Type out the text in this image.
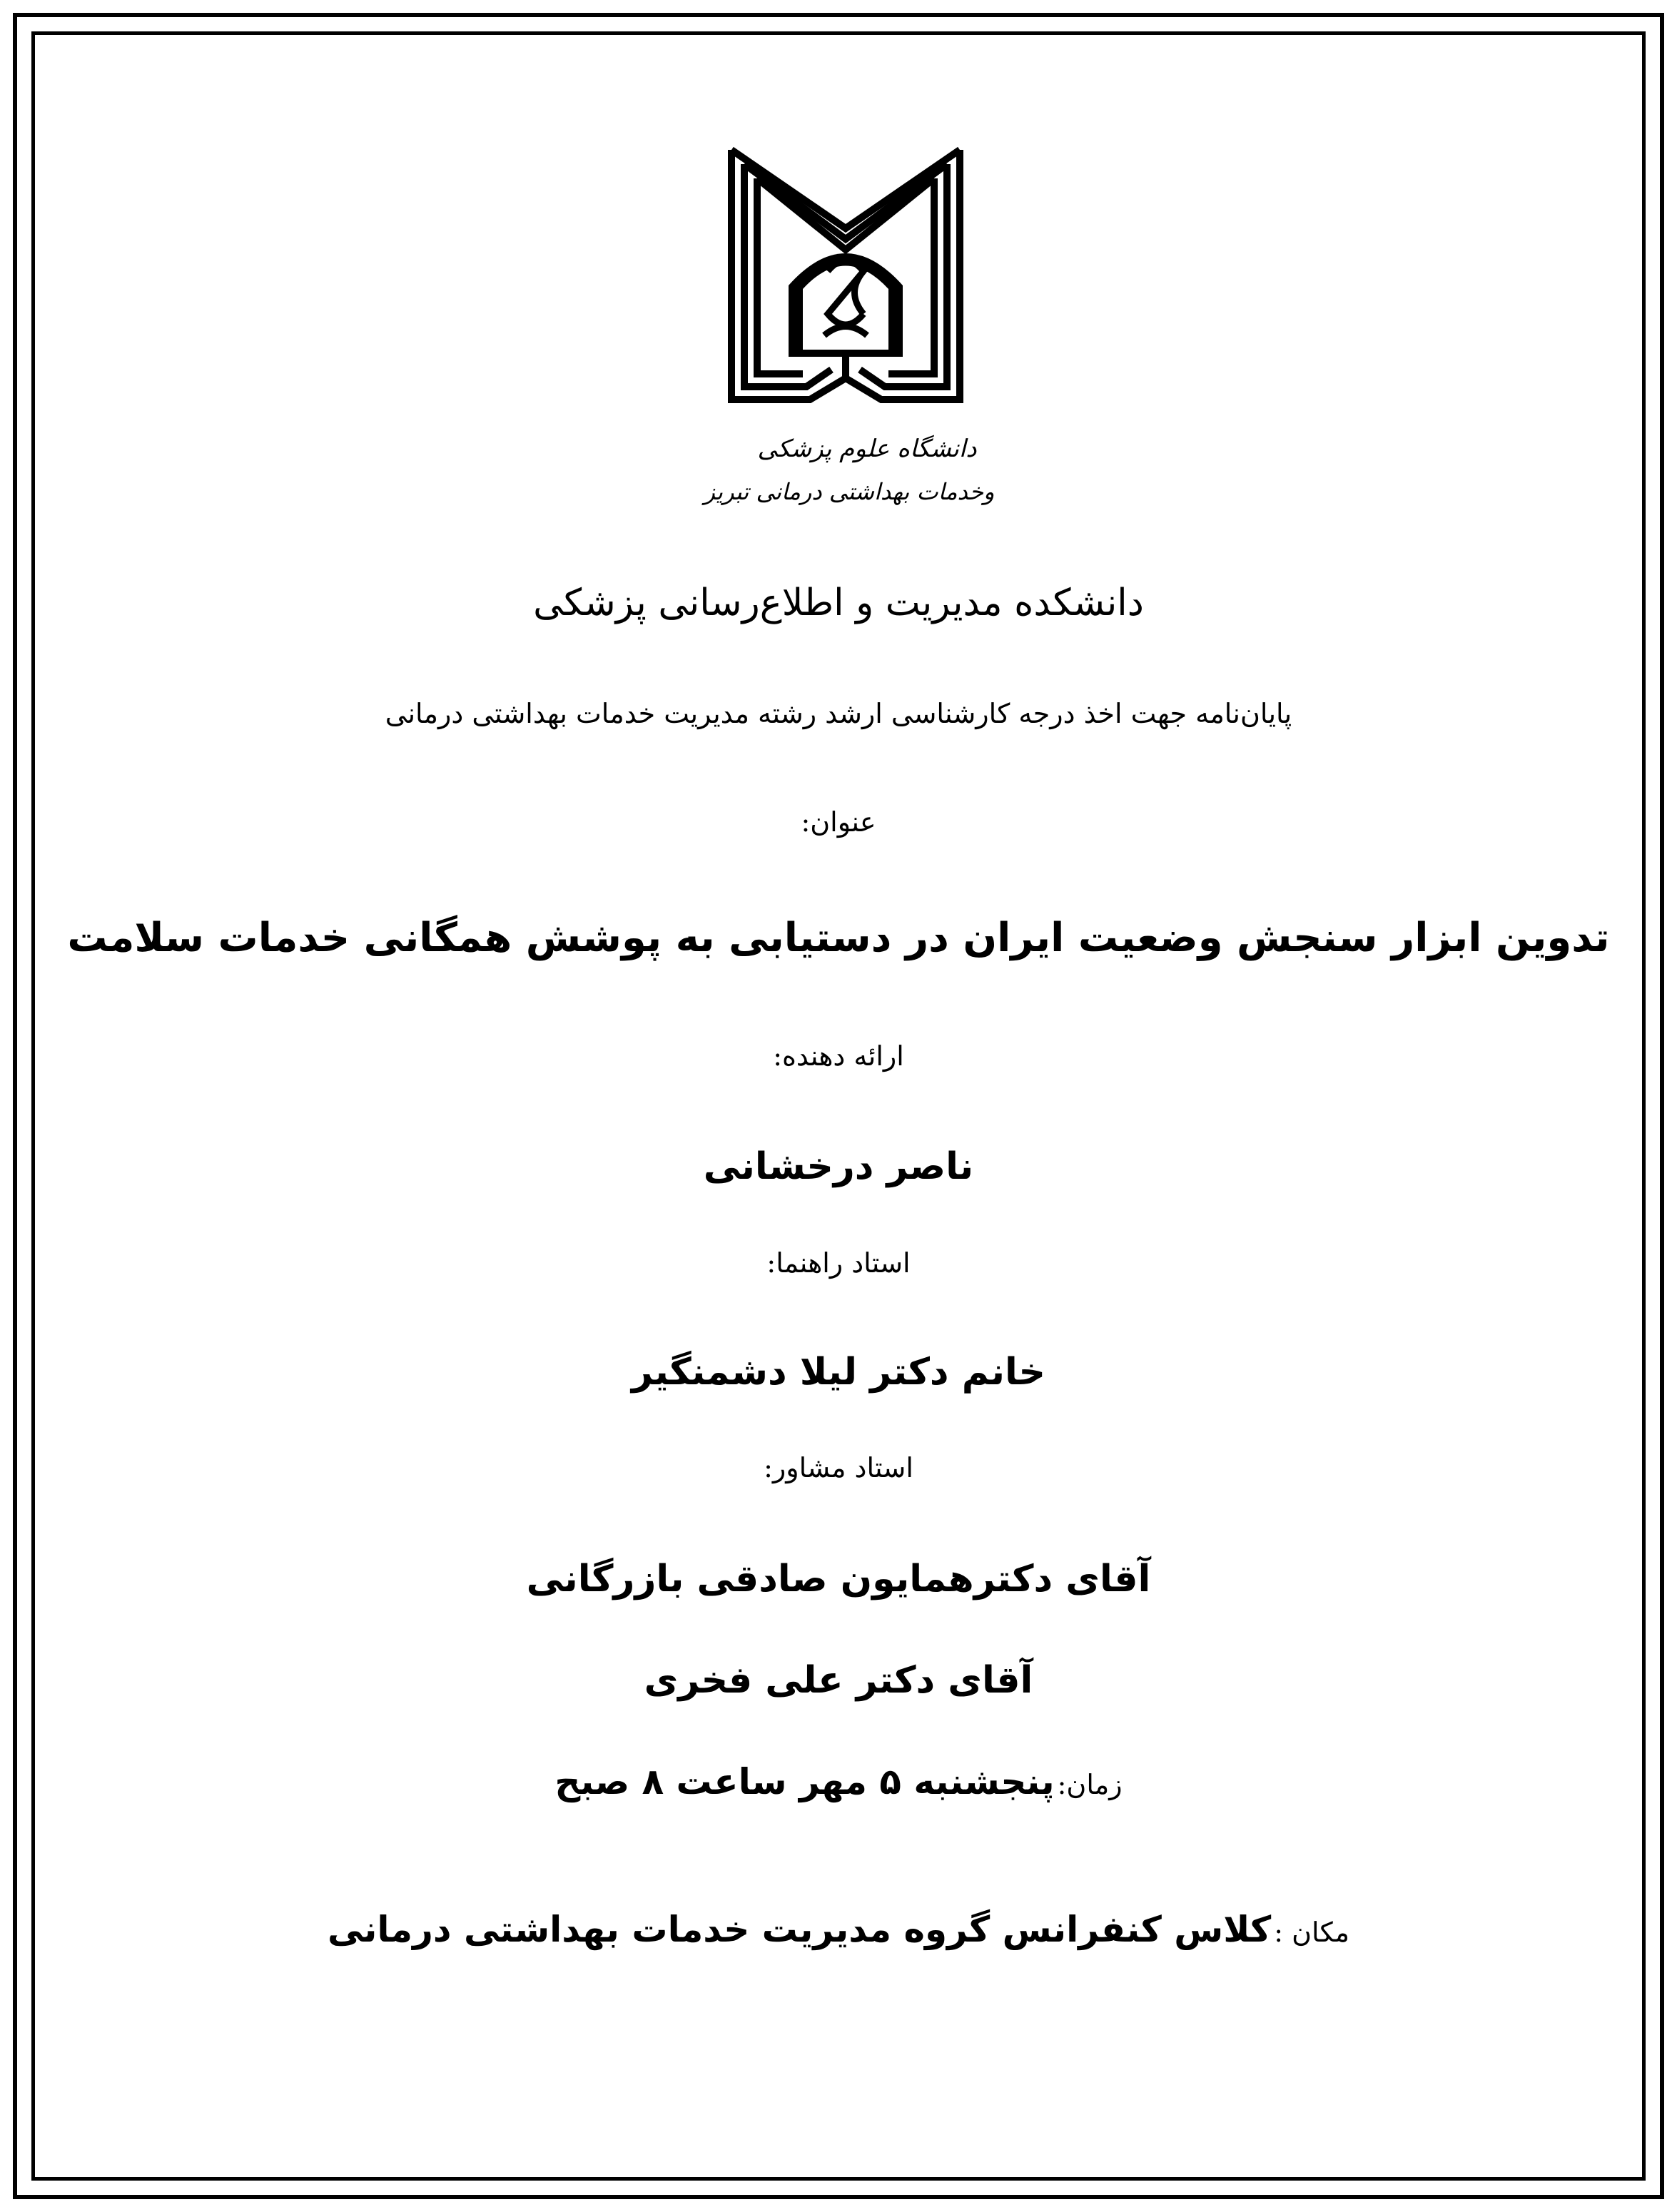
دانشگاه علوم پزشکی
وخدمات بهداشتی درمانی تبریز
دانشکده مدیریت و اطلاع‌رسانی پزشکی
پایان‌نامه جهت اخذ درجه کارشناسی ارشد رشته مدیریت خدمات بهداشتی درمانی
عنوان:
تدوین ابزار سنجش وضعیت ایران در دستیابی به پوشش همگانی خدمات سلامت
ارائه دهنده:
ناصر درخشانی
استاد راهنما:
خانم دکتر لیلا دشمنگیر
استاد مشاور:
آقای دکترهمایون صادقی بازرگانی
آقای دکتر علی فخری
زمان: پنجشنبه ۵ مهر ساعت ۸ صبح
مکان : کلاس کنفرانس گروه مدیریت خدمات بهداشتی درمانی
